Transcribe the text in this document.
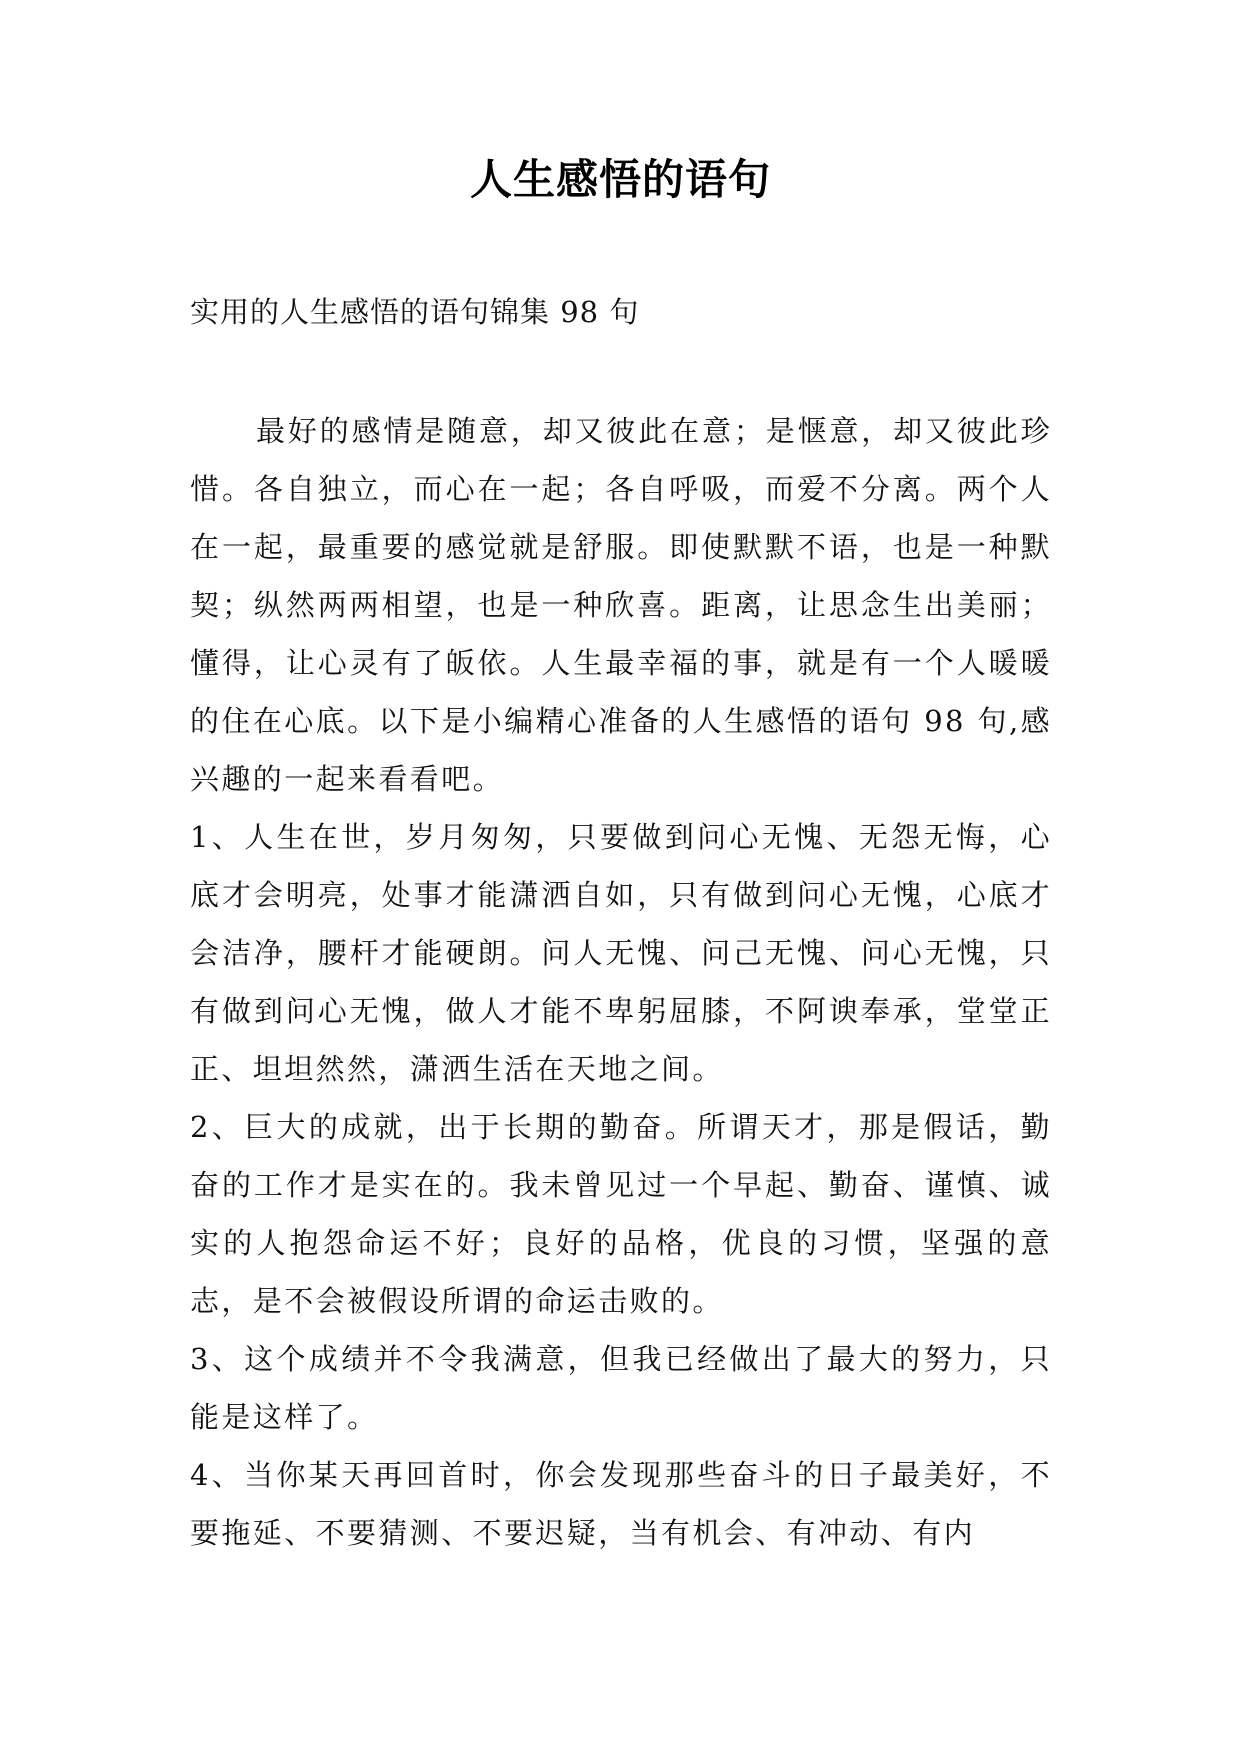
人生感悟的语句
实用的人生感悟的语句锦集 98 句

最好的感情是随意，却又彼此在意；是惬意，却又彼此珍惜。各自独立，而心在一起；各自呼吸，而爱不分离。两个人在一起，最重要的感觉就是舒服。即使默默不语，也是一种默契；纵然两两相望，也是一种欣喜。距离，让思念生出美丽；懂得，让心灵有了皈依。人生最幸福的事，就是有一个人暖暖的住在心底。以下是小编精心准备的人生感悟的语句 98 句,感兴趣的一起来看看吧。

1、人生在世，岁月匆匆，只要做到问心无愧、无怨无悔，心底才会明亮，处事才能潇洒自如，只有做到问心无愧，心底才会洁净，腰杆才能硬朗。问人无愧、问己无愧、问心无愧，只有做到问心无愧，做人才能不卑躬屈膝，不阿谀奉承，堂堂正正、坦坦然然，潇洒生活在天地之间。

2、巨大的成就，出于长期的勤奋。所谓天才，那是假话，勤奋的工作才是实在的。我未曾见过一个早起、勤奋、谨慎、诚实的人抱怨命运不好；良好的品格，优良的习惯，坚强的意志，是不会被假设所谓的命运击败的。

3、这个成绩并不令我满意，但我已经做出了最大的努力，只能是这样了。

4、当你某天再回首时，你会发现那些奋斗的日子最美好，不要拖延、不要猜测、不要迟疑，当有机会、有冲动、有内
